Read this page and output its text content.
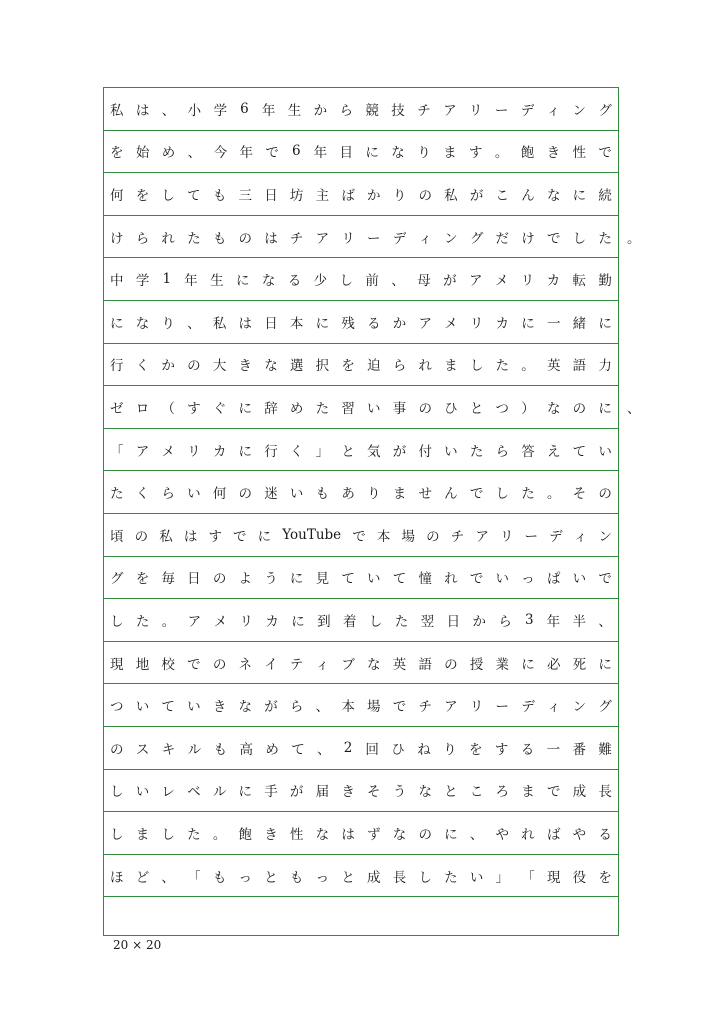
私 は 、 小 学 6 年 生 か ら 競 技 チ ア リ ー デ ィ ン グ
を 始 め 、 今 年 で 6 年 目 に な り ま す 。 飽 き 性 で
何 を し て も 三 日 坊 主 ば か り の 私 が こ ん な に 続
け ら れ た も の は チ ア リ ー デ ィ ン グ だ け で し た 。
中 学 1 年 生 に な る 少 し 前 、 母 が ア メ リ カ 転 勤
に な り 、 私 は 日 本 に 残 る か ア メ リ カ に 一 緒 に
行 く か の 大 き な 選 択 を 迫 ら れ ま し た 。 英 語 力
ゼ ロ （ す ぐ に 辞 め た 習 い 事 の ひ と つ ） な の に 、
「 ア メ リ カ に 行 く 」 と 気 が 付 い た ら 答 え て い
た く ら い 何 の 迷 い も あ り ま せ ん で し た 。 そ の
頃 の 私 は す で に YouTube で 本 場 の チ ア リ ー デ ィ ン
グ を 毎 日 の よ う に 見 て い て 憧 れ で い っ ぱ い で
し た 。 ア メ リ カ に 到 着 し た 翌 日 か ら 3 年 半 、
現 地 校 で の ネ イ テ ィ ブ な 英 語 の 授 業 に 必 死 に
つ い て い き な が ら 、 本 場 で チ ア リ ー デ ィ ン グ
の ス キ ル も 高 め て 、 2 回 ひ ね り を す る 一 番 難
し い レ ベ ル に 手 が 届 き そ う な と こ ろ ま で 成 長
し ま し た 。 飽 き 性 な は ず な の に 、 や れ ば や る
ほ ど 、 「 も っ と も っ と 成 長 し た い 」 「 現 役 を
20 × 20
